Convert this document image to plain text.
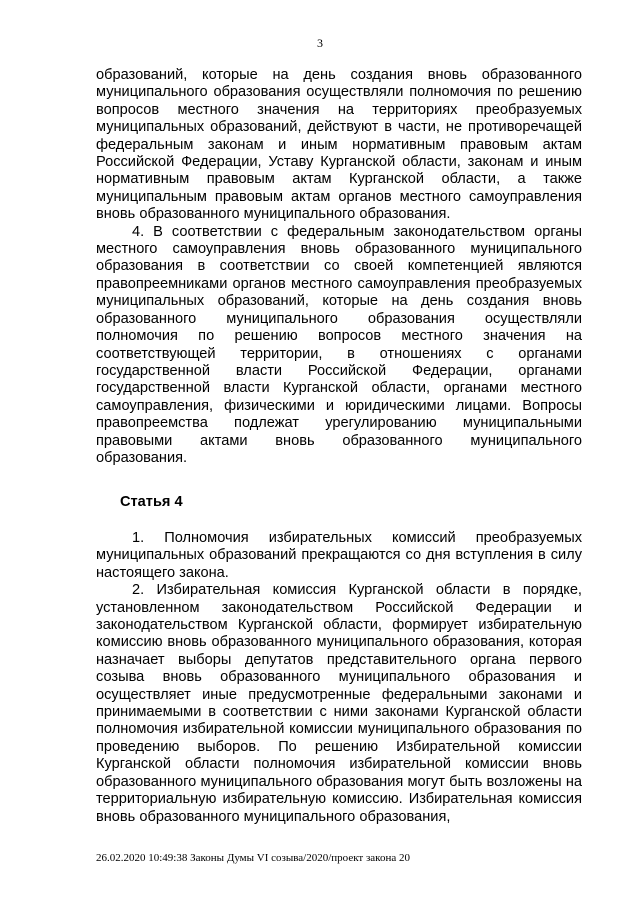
3

образований, которые на день создания вновь образованного муниципального образования осуществляли полномочия по решению вопросов местного значения на территориях преобразуемых муниципальных образований, действуют в части, не противоречащей федеральным законам и иным нормативным правовым актам Российской Федерации, Уставу Курганской области, законам и иным нормативным правовым актам Курганской области, а также муниципальным правовым актам органов местного самоуправления вновь образованного муниципального образования.

4. В соответствии с федеральным законодательством органы местного самоуправления вновь образованного муниципального образования в соответствии со своей компетенцией являются правопреемниками органов местного самоуправления преобразуемых муниципальных образований, которые на день создания вновь образованного муниципального образования осуществляли полномочия по решению вопросов местного значения на соответствующей территории, в отношениях с органами государственной власти Российской Федерации, органами государственной власти Курганской области, органами местного самоуправления, физическими и юридическими лицами. Вопросы правопреемства подлежат урегулированию муниципальными правовыми актами вновь образованного муниципального образования.

Статья 4

1. Полномочия избирательных комиссий преобразуемых муниципальных образований прекращаются со дня вступления в силу настоящего закона.

2. Избирательная комиссия Курганской области в порядке, установленном законодательством Российской Федерации и законодательством Курганской области, формирует избирательную комиссию вновь образованного муниципального образования, которая назначает выборы депутатов представительного органа первого созыва вновь образованного муниципального образования и осуществляет иные предусмотренные федеральными законами и принимаемыми в соответствии с ними законами Курганской области полномочия избирательной комиссии муниципального образования по проведению выборов. По решению Избирательной комиссии Курганской области полномочия избирательной комиссии вновь образованного муниципального образования могут быть возложены на территориальную избирательную комиссию. Избирательная комиссия вновь образованного муниципального образования,

26.02.2020 10:49:38 Законы Думы VI созыва/2020/проект закона 20
